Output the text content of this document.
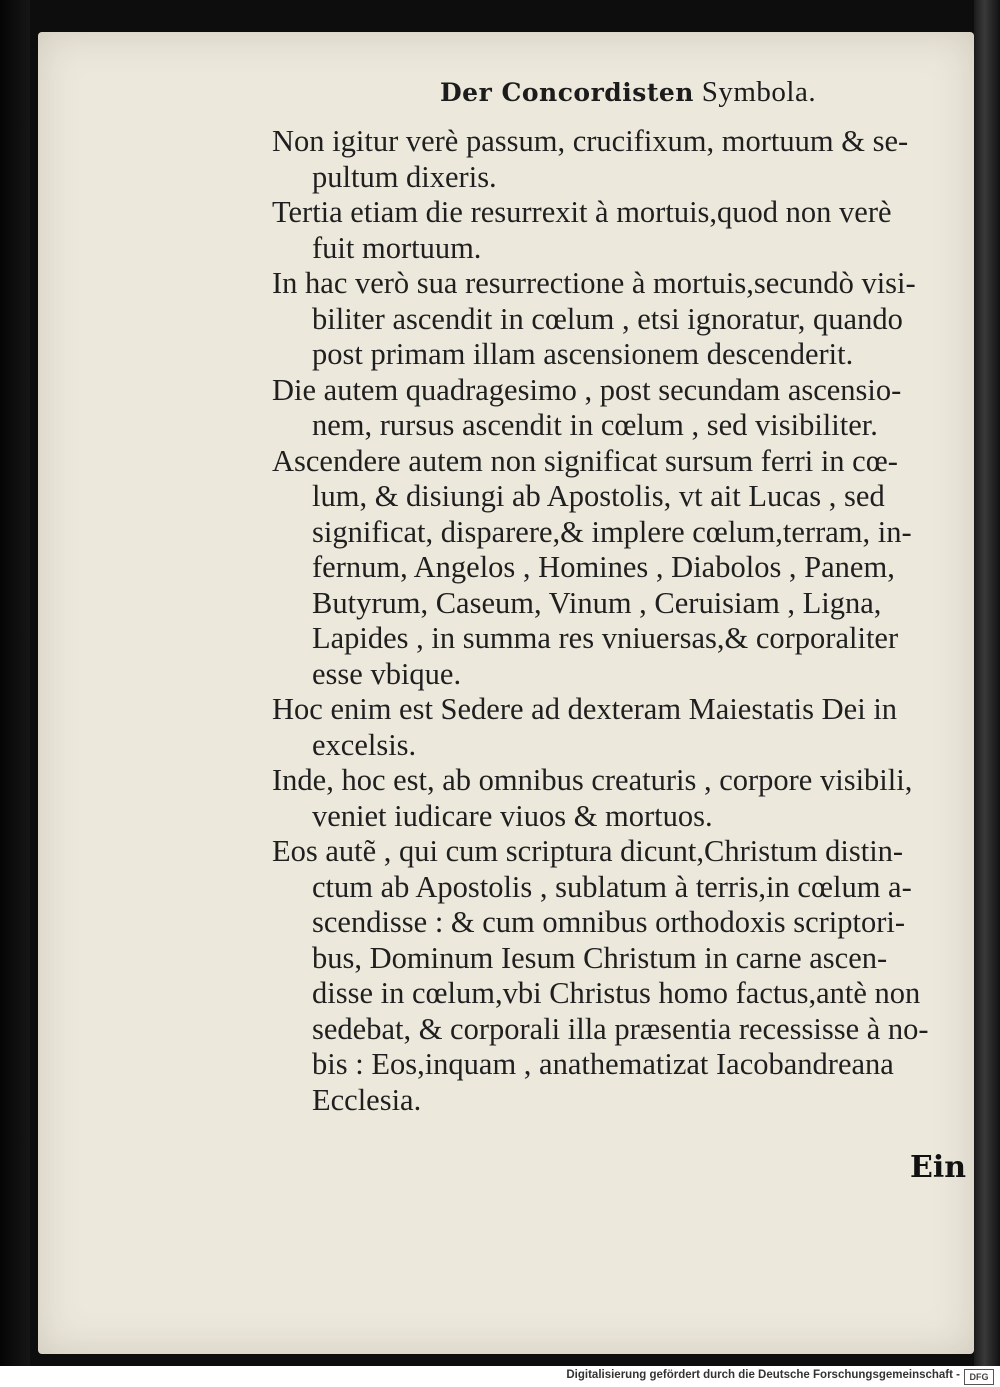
Der Concordisten Symbola.
Non igitur verè passum, crucifixum, mortuum & se-
pultum dixeris.
Tertia etiam die resurrexit à mortuis,quod non verè
fuit mortuum.
In hac verò sua resurrectione à mortuis,secundò visi-
biliter ascendit in cœlum , etsi ignoratur, quando
post primam illam ascensionem descenderit.
Die autem quadragesimo , post secundam ascensio-
nem, rursus ascendit in cœlum , sed visibiliter.
Ascendere autem non significat sursum ferri in cœ-
lum, & disiungi ab Apostolis, vt ait Lucas , sed
significat, disparere,& implere cœlum,terram, in-
fernum, Angelos , Homines , Diabolos , Panem,
Butyrum, Caseum, Vinum , Ceruisiam , Ligna,
Lapides , in summa res vniuersas,& corporaliter
esse vbique.
Hoc enim est Sedere ad dexteram Maiestatis Dei in
excelsis.
Inde, hoc est, ab omnibus creaturis , corpore visibili,
veniet iudicare viuos & mortuos.
Eos autẽ , qui cum scriptura dicunt,Christum distin-
ctum ab Apostolis , sublatum à terris,in cœlum a-
scendisse : & cum omnibus orthodoxis scriptori-
bus, Dominum Iesum Christum in carne ascen-
disse in cœlum,vbi Christus homo factus,antè non
sedebat, & corporali illa præsentia recessisse à no-
bis : Eos,inquam , anathematizat Iacobandreana
Ecclesia.
Ein
Digitalisierung gefördert durch die Deutsche Forschungsgemeinschaft -	DFG
